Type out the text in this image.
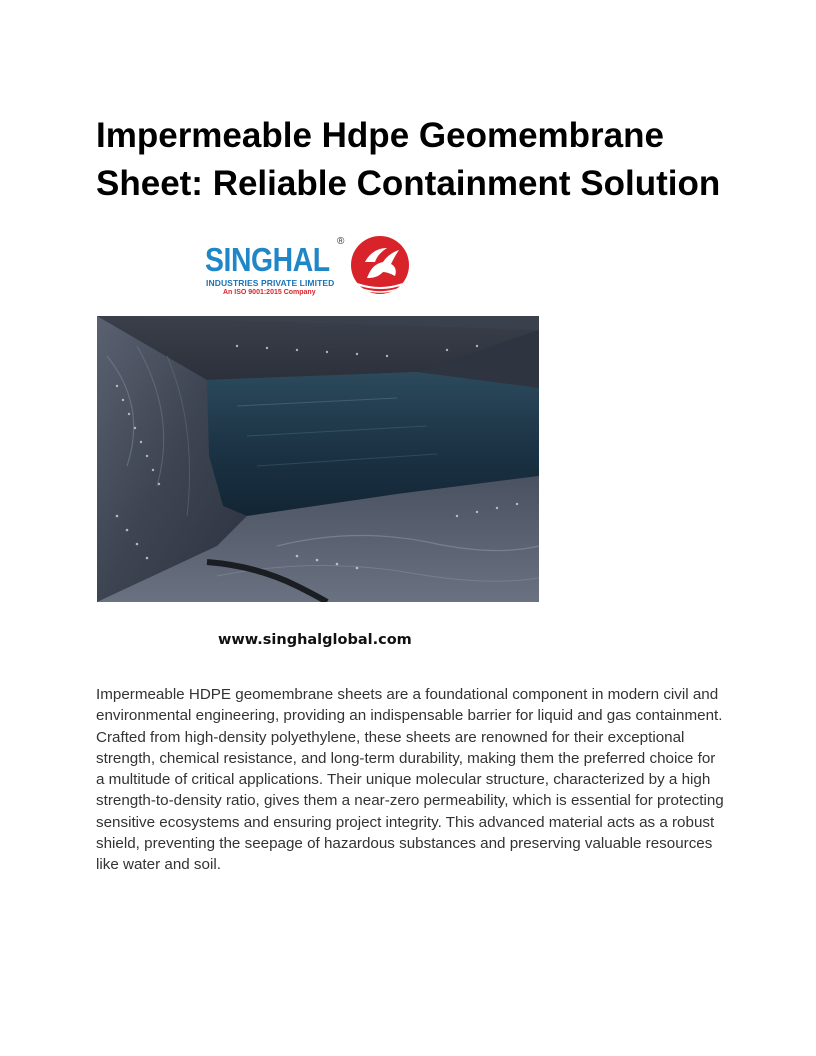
Impermeable Hdpe Geomembrane Sheet: Reliable Containment Solution
SINGHAL ®
INDUSTRIES PRIVATE LIMITED
An ISO 9001:2015 Company
www.singhalglobal.com

Impermeable HDPE geomembrane sheets are a foundational component in modern civil and environmental engineering, providing an indispensable barrier for liquid and gas containment. Crafted from high-density polyethylene, these sheets are renowned for their exceptional strength, chemical resistance, and long-term durability, making them the preferred choice for a multitude of critical applications. Their unique molecular structure, characterized by a high strength-to-density ratio, gives them a near-zero permeability, which is essential for protecting sensitive ecosystems and ensuring project integrity. This advanced material acts as a robust shield, preventing the seepage of hazardous substances and preserving valuable resources like water and soil.
